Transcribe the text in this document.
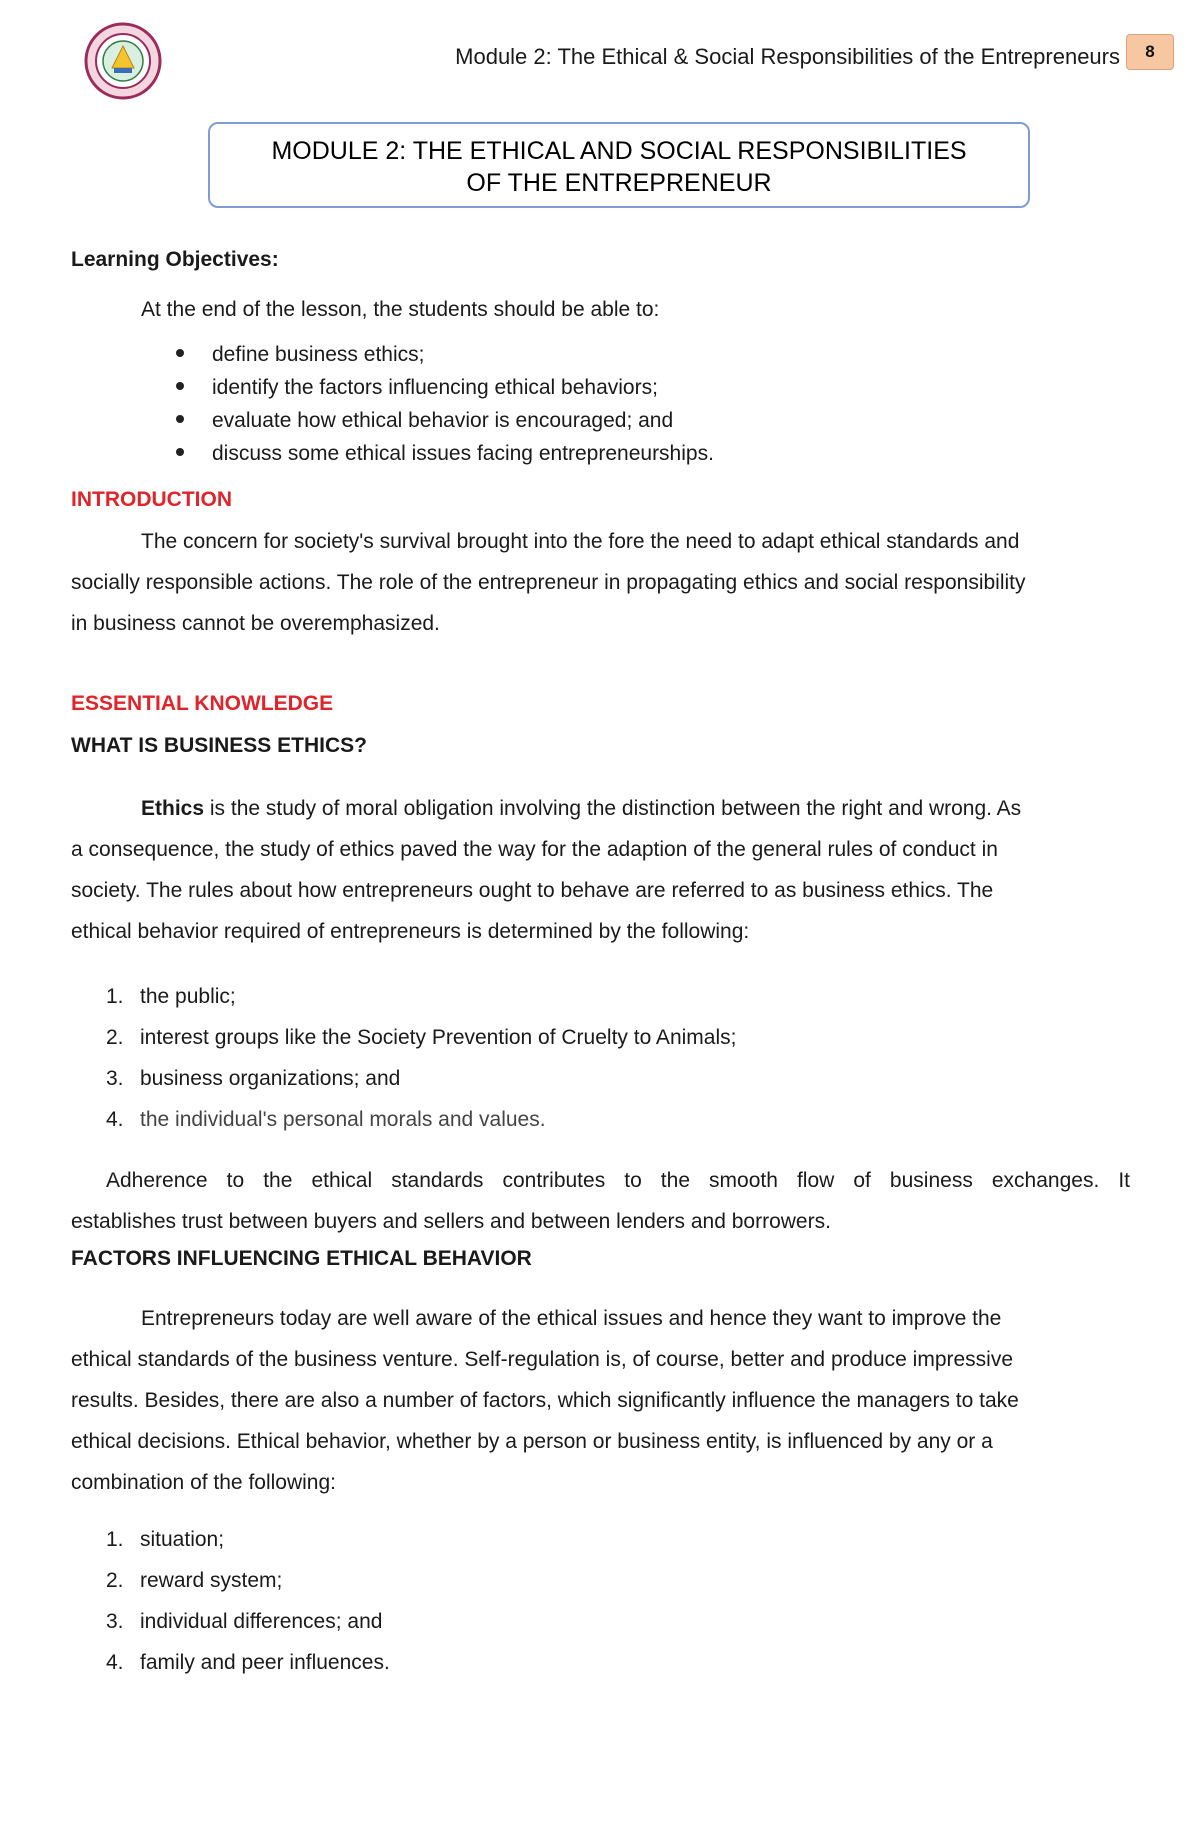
Module 2: The Ethical & Social Responsibilities of the Entrepreneurs	8
MODULE 2: THE ETHICAL AND SOCIAL RESPONSIBILITIES
OF THE ENTREPRENEUR
Learning Objectives:
At the end of the lesson, the students should be able to:
define business ethics;
identify the factors influencing ethical behaviors;
evaluate how ethical behavior is encouraged; and
discuss some ethical issues facing entrepreneurships.
INTRODUCTION
The concern for society's survival brought into the fore the need to adapt ethical standards and
socially responsible actions. The role of the entrepreneur in propagating ethics and social responsibility
in business cannot be overemphasized.
ESSENTIAL KNOWLEDGE
WHAT IS BUSINESS ETHICS?
Ethics is the study of moral obligation involving the distinction between the right and wrong. As
a consequence, the study of ethics paved the way for the adaption of the general rules of conduct in
society. The rules about how entrepreneurs ought to behave are referred to as business ethics. The
ethical behavior required of entrepreneurs is determined by the following:
1. the public;
2. interest groups like the Society Prevention of Cruelty to Animals;
3. business organizations; and
4. the individual's personal morals and values.
Adherence to the ethical standards contributes to the smooth flow of business exchanges. It
establishes trust between buyers and sellers and between lenders and borrowers.
FACTORS INFLUENCING ETHICAL BEHAVIOR
Entrepreneurs today are well aware of the ethical issues and hence they want to improve the
ethical standards of the business venture. Self-regulation is, of course, better and produce impressive
results. Besides, there are also a number of factors, which significantly influence the managers to take
ethical decisions. Ethical behavior, whether by a person or business entity, is influenced by any or a
combination of the following:
1. situation;
2. reward system;
3. individual differences; and
4. family and peer influences.
